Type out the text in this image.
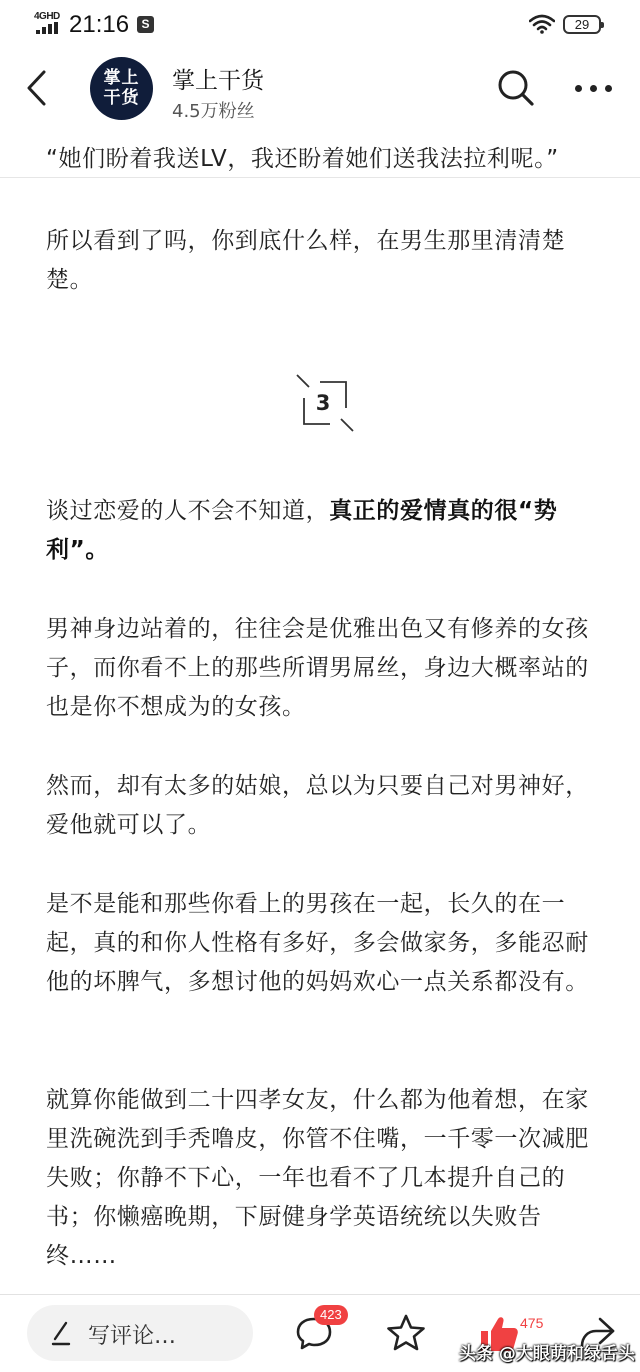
4GHD 21:16	S	29
掌上
干货
掌上干货
4.5万粉丝

“她们盼着我送LV，我还盼着她们送我法拉利呢。”

所以看到了吗，你到底什么样，在男生那里清清楚楚。

谈过恋爱的人不会不知道，真正的爱情真的很“势利”。

男神身边站着的，往往会是优雅出色又有修养的女孩子，而你看不上的那些所谓男屌丝，身边大概率站的也是你不想成为的女孩。

然而，却有太多的姑娘，总以为只要自己对男神好，爱他就可以了。

是不是能和那些你看上的男孩在一起，长久的在一起，真的和你人性格有多好，多会做家务，多能忍耐他的坏脾气，多想讨他的妈妈欢心一点关系都没有。

就算你能做到二十四孝女友，什么都为他着想，在家里洗碗洗到手秃噜皮，你管不住嘴，一千零一次减肥失败；你静不下心，一年也看不了几本提升自己的书；你懒癌晚期，下厨健身学英语统统以失败告终……

3
写评论…
423
475
头条 @大眼萌和绿舌头
